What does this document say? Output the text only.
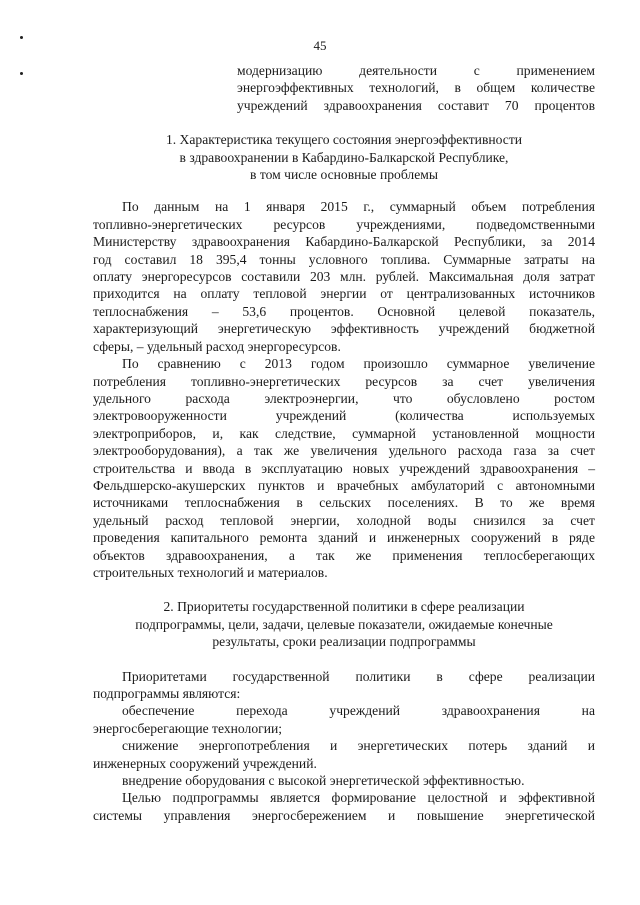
45

модернизацию деятельности с применением

энергоэффективных технологий, в общем количестве

учреждений здравоохранения составит 70 процентов

1. Характеристика текущего состояния энергоэффективности

в здравоохранении в Кабардино-Балкарской Республике,

в том числе основные проблемы

По данным на 1 января 2015 г., суммарный объем потребления

топливно-энергетических ресурсов учреждениями, подведомственными

Министерству здравоохранения Кабардино-Балкарской Республики, за 2014

год составил 18 395,4 тонны условного топлива. Суммарные затраты на

оплату энергоресурсов составили 203 млн. рублей. Максимальная доля затрат

приходится на оплату тепловой энергии от централизованных источников

теплоснабжения – 53,6 процентов. Основной целевой показатель,

характеризующий энергетическую эффективность учреждений бюджетной

сферы, – удельный расход энергоресурсов.

По сравнению с 2013 годом произошло суммарное увеличение

потребления топливно-энергетических ресурсов за счет увеличения

удельного расхода электроэнергии, что обусловлено ростом

электровооруженности учреждений (количества используемых

электроприборов, и, как следствие, суммарной установленной мощности

электрооборудования), а так же увеличения удельного расхода газа за счет

строительства и ввода в эксплуатацию новых учреждений здравоохранения –

Фельдшерско-акушерских пунктов и врачебных амбулаторий с автономными

источниками теплоснабжения в сельских поселениях. В то же время

удельный расход тепловой энергии, холодной воды снизился за счет

проведения капитального ремонта зданий и инженерных сооружений в ряде

объектов здравоохранения, а так же применения теплосберегающих

строительных технологий и материалов.

2. Приоритеты государственной политики в сфере реализации

подпрограммы, цели, задачи, целевые показатели, ожидаемые конечные

результаты, сроки реализации подпрограммы

Приоритетами государственной политики в сфере реализации

подпрограммы являются:

обеспечение перехода учреждений здравоохранения на

энергосберегающие технологии;

снижение энергопотребления и энергетических потерь зданий и

инженерных сооружений учреждений.

внедрение оборудования с высокой энергетической эффективностью.

Целью подпрограммы является формирование целостной и эффективной

системы управления энергосбережением и повышение энергетической
